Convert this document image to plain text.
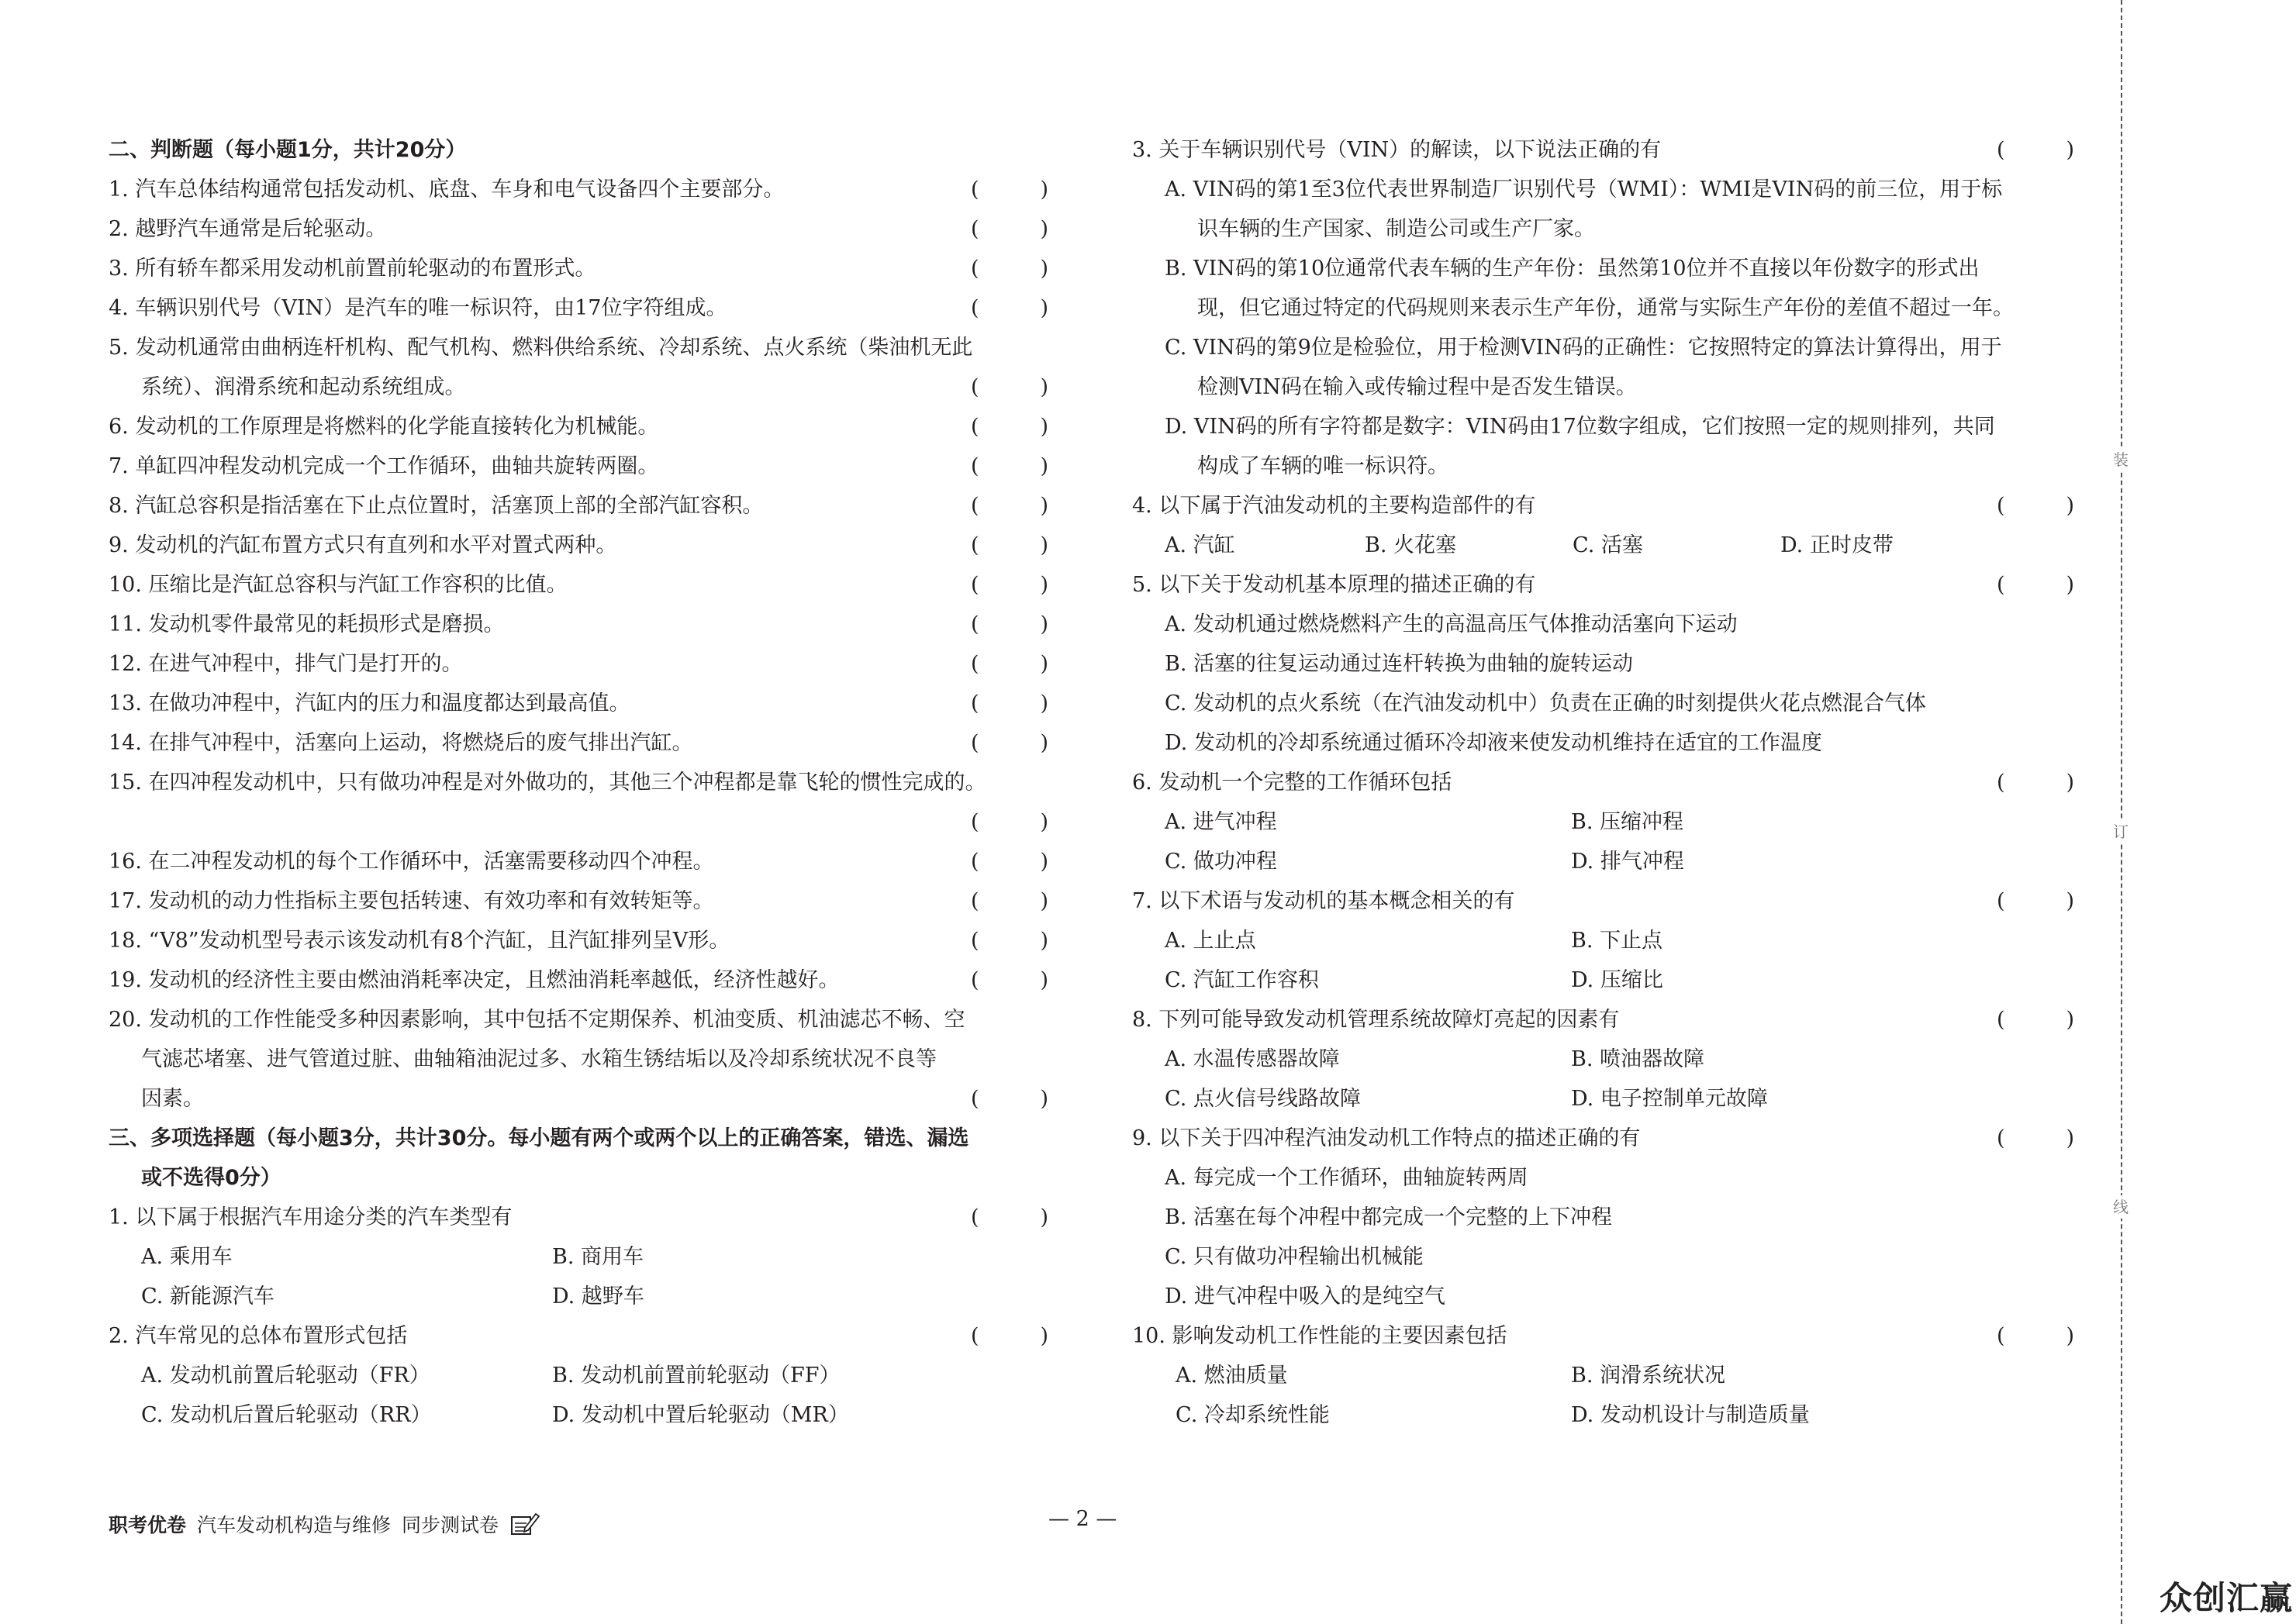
二、判断题（每小题1分，共计20分）
1. 汽车总体结构通常包括发动机、底盘、车身和电气设备四个主要部分。	(	)
2. 越野汽车通常是后轮驱动。	(	)
3. 所有轿车都采用发动机前置前轮驱动的布置形式。	(	)
4. 车辆识别代号（VIN）是汽车的唯一标识符，由17位字符组成。	(	)
5. 发动机通常由曲柄连杆机构、配气机构、燃料供给系统、冷却系统、点火系统（柴油机无此
系统）、润滑系统和起动系统组成。	(	)
6. 发动机的工作原理是将燃料的化学能直接转化为机械能。	(	)
7. 单缸四冲程发动机完成一个工作循环，曲轴共旋转两圈。	(	)
8. 汽缸总容积是指活塞在下止点位置时，活塞顶上部的全部汽缸容积。	(	)
9. 发动机的汽缸布置方式只有直列和水平对置式两种。	(	)
10. 压缩比是汽缸总容积与汽缸工作容积的比值。	(	)
11. 发动机零件最常见的耗损形式是磨损。	(	)
12. 在进气冲程中，排气门是打开的。	(	)
13. 在做功冲程中，汽缸内的压力和温度都达到最高值。	(	)
14. 在排气冲程中，活塞向上运动，将燃烧后的废气排出汽缸。	(	)
15. 在四冲程发动机中，只有做功冲程是对外做功的，其他三个冲程都是靠飞轮的惯性完成的。
(	)
16. 在二冲程发动机的每个工作循环中，活塞需要移动四个冲程。	(	)
17. 发动机的动力性指标主要包括转速、有效功率和有效转矩等。	(	)
18. “V8”发动机型号表示该发动机有8个汽缸，且汽缸排列呈V形。	(	)
19. 发动机的经济性主要由燃油消耗率决定，且燃油消耗率越低，经济性越好。	(	)
20. 发动机的工作性能受多种因素影响，其中包括不定期保养、机油变质、机油滤芯不畅、空
气滤芯堵塞、进气管道过脏、曲轴箱油泥过多、水箱生锈结垢以及冷却系统状况不良等
因素。	(	)
三、多项选择题（每小题3分，共计30分。每小题有两个或两个以上的正确答案，错选、漏选
或不选得0分）
1. 以下属于根据汽车用途分类的汽车类型有	(	)
A. 乘用车	B. 商用车
C. 新能源汽车	D. 越野车
2. 汽车常见的总体布置形式包括	(	)
A. 发动机前置后轮驱动（FR）	B. 发动机前置前轮驱动（FF）
C. 发动机后置后轮驱动（RR）	D. 发动机中置后轮驱动（MR）
3. 关于车辆识别代号（VIN）的解读，以下说法正确的有	(	)
A. VIN码的第1至3位代表世界制造厂识别代号（WMI）：WMI是VIN码的前三位，用于标
识车辆的生产国家、制造公司或生产厂家。
B. VIN码的第10位通常代表车辆的生产年份：虽然第10位并不直接以年份数字的形式出
现，但它通过特定的代码规则来表示生产年份，通常与实际生产年份的差值不超过一年。
C. VIN码的第9位是检验位，用于检测VIN码的正确性：它按照特定的算法计算得出，用于
检测VIN码在输入或传输过程中是否发生错误。
D. VIN码的所有字符都是数字：VIN码由17位数字组成，它们按照一定的规则排列，共同
构成了车辆的唯一标识符。
4. 以下属于汽油发动机的主要构造部件的有	(	)
A. 汽缸	B. 火花塞	C. 活塞	D. 正时皮带
5. 以下关于发动机基本原理的描述正确的有	(	)
A. 发动机通过燃烧燃料产生的高温高压气体推动活塞向下运动
B. 活塞的往复运动通过连杆转换为曲轴的旋转运动
C. 发动机的点火系统（在汽油发动机中）负责在正确的时刻提供火花点燃混合气体
D. 发动机的冷却系统通过循环冷却液来使发动机维持在适宜的工作温度
6. 发动机一个完整的工作循环包括	(	)
A. 进气冲程	B. 压缩冲程
C. 做功冲程	D. 排气冲程
7. 以下术语与发动机的基本概念相关的有	(	)
A. 上止点	B. 下止点
C. 汽缸工作容积	D. 压缩比
8. 下列可能导致发动机管理系统故障灯亮起的因素有	(	)
A. 水温传感器故障	B. 喷油器故障
C. 点火信号线路故障	D. 电子控制单元故障
9. 以下关于四冲程汽油发动机工作特点的描述正确的有	(	)
A. 每完成一个工作循环，曲轴旋转两周
B. 活塞在每个冲程中都完成一个完整的上下冲程
C. 只有做功冲程输出机械能
D. 进气冲程中吸入的是纯空气
10. 影响发动机工作性能的主要因素包括	(	)
A. 燃油质量	B. 润滑系统状况
C. 冷却系统性能	D. 发动机设计与制造质量
职考优卷 汽车发动机构造与维修 同步测试卷	— 2 —
装
订
线
众创汇赢
